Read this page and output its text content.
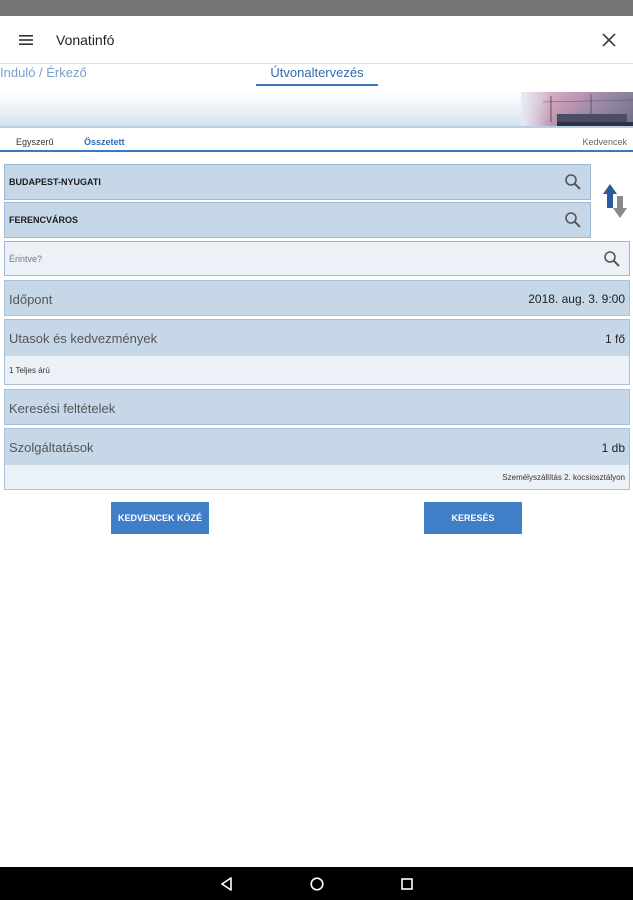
Vonatinfó
Induló / Érkező	Útvonaltervezés
Egyszerű	Összetett	Kedvencek
BUDAPEST-NYUGATI
FERENCVÁROS
Érintve?
Időpont	2018. aug. 3. 9:00
Utasok és kedvezmények	1 fő
1 Teljes árú
Keresési feltételek
Szolgáltatások	1 db
Személyszállítás 2. kocsiosztályon
KEDVENCEK KÖZÉ	KERESÉS
